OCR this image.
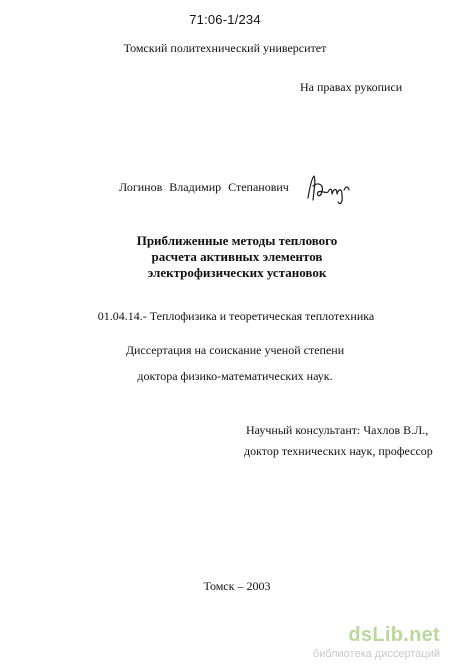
71:06-1/234
Томский политехнический университет
На правах рукописи
Логинов Владимир Степанович
Приближенные методы теплового
расчета активных элементов
электрофизических установок
01.04.14.- Теплофизика и теоретическая теплотехника
Диссертация на соискание ученой степени
доктора физико-математических наук.
Научный консультант: Чахлов В.Л.,
доктор технических наук, профессор
Томск – 2003
dsLib.net
библиотека диссертаций
